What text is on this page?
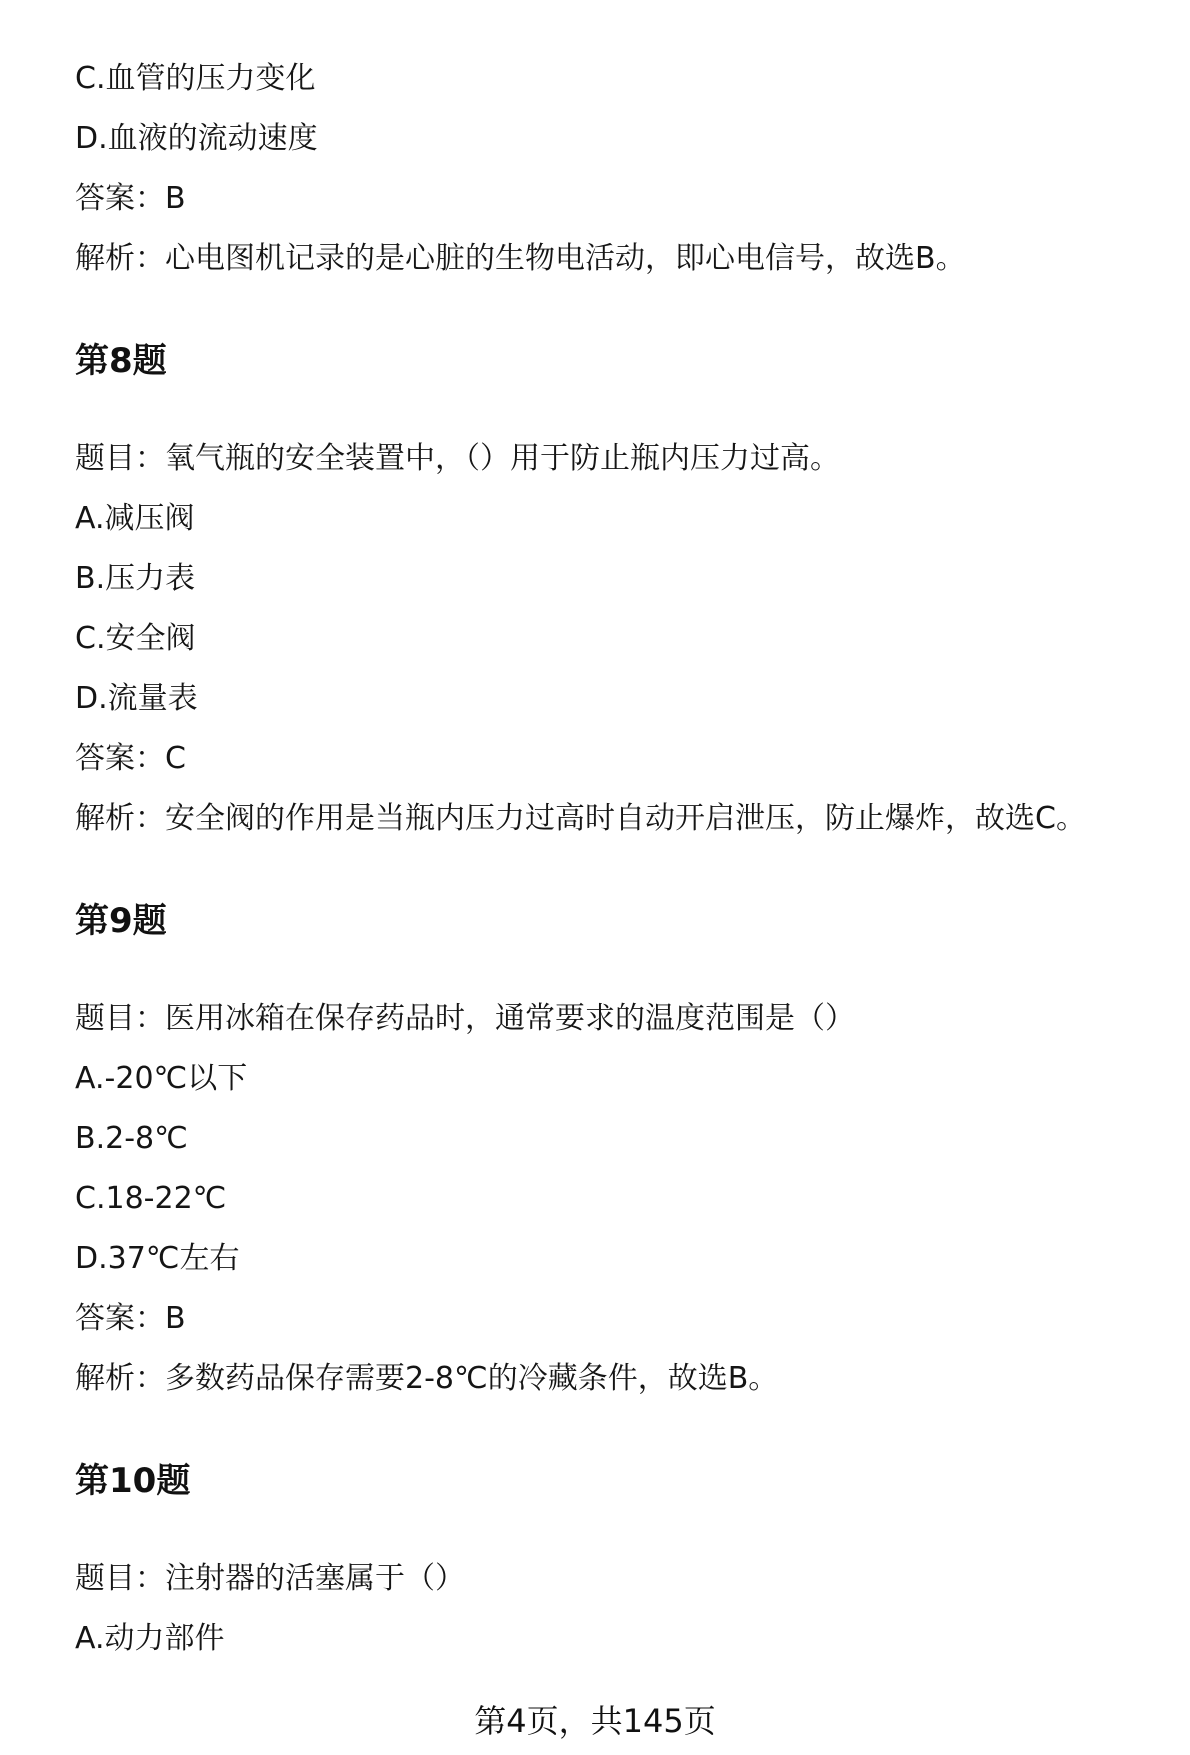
C.血管的压力变化
D.血液的流动速度
答案：B
解析：心电图机记录的是心脏的生物电活动，即心电信号，故选B。
第8题
题目：氧气瓶的安全装置中，（）用于防止瓶内压力过高。
A.减压阀
B.压力表
C.安全阀
D.流量表
答案：C
解析：安全阀的作用是当瓶内压力过高时自动开启泄压，防止爆炸，故选C。
第9题
题目：医用冰箱在保存药品时，通常要求的温度范围是（）
A.-20℃以下
B.2-8℃
C.18-22℃
D.37℃左右
答案：B
解析：多数药品保存需要2-8℃的冷藏条件，故选B。
第10题
题目：注射器的活塞属于（）
A.动力部件
第4页，共145页
